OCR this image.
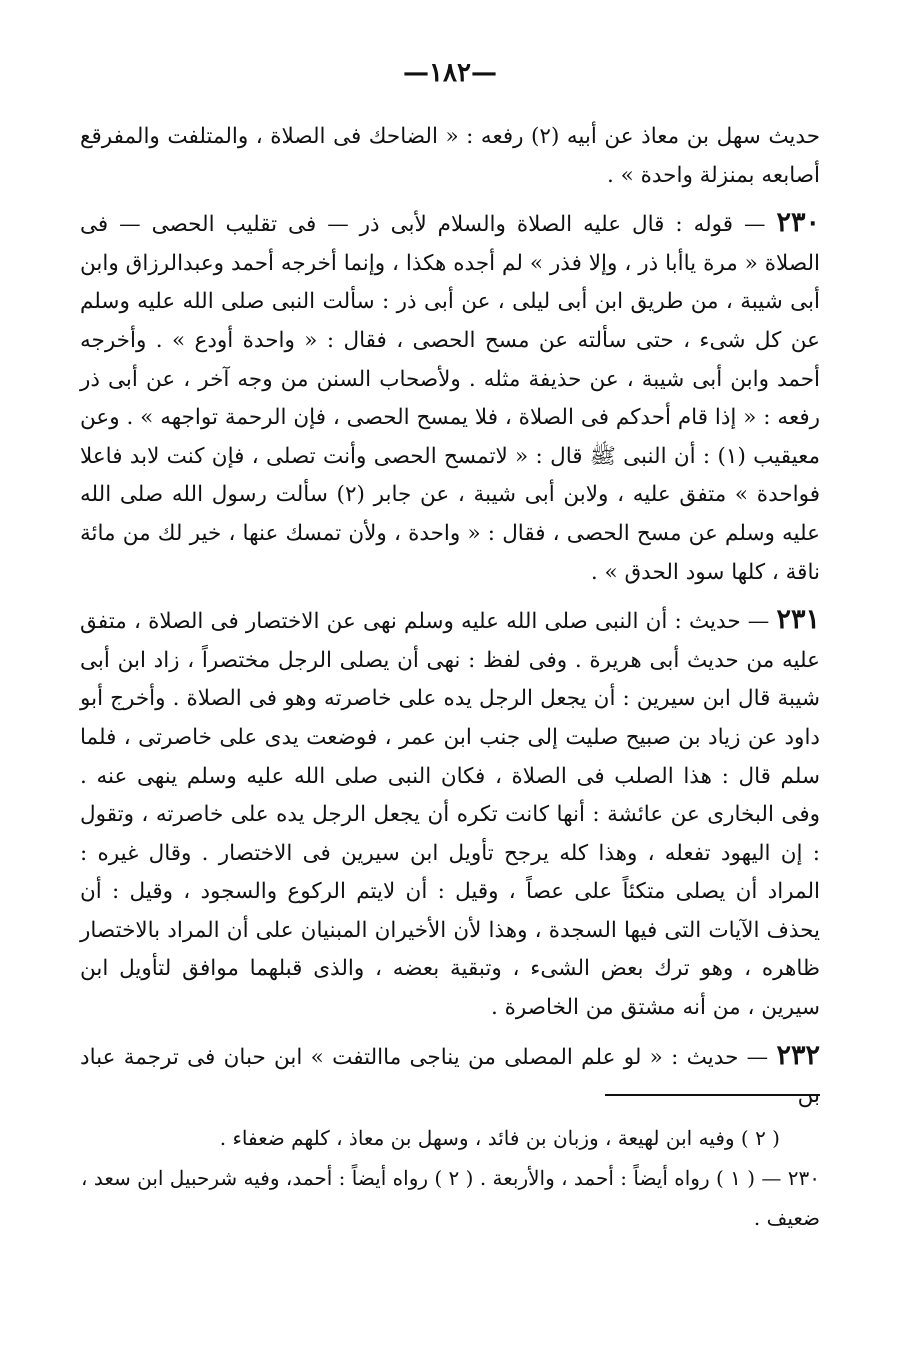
—١٨٢—

حديث سهل بن معاذ عن أبيه (٢) رفعه : « الضاحك فى الصلاة ، والمتلفت والمفرقع أصابعه بمنزلة واحدة » .

٢٣٠ — قوله : قال عليه الصلاة والسلام لأبى ذر — فى تقليب الحصى — فى الصلاة « مرة ياأبا ذر ، وإلا فذر » لم أجده هكذا ، وإنما أخرجه أحمد وعبدالرزاق وابن أبى شيبة ، من طريق ابن أبى ليلى ، عن أبى ذر : سألت النبى صلى الله عليه وسلم عن كل شىء ، حتى سألته عن مسح الحصى ، فقال : « واحدة أودع » . وأخرجه أحمد وابن أبى شيبة ، عن حذيفة مثله . ولأصحاب السنن من وجه آخر ، عن أبى ذر رفعه : « إذا قام أحدكم فى الصلاة ، فلا يمسح الحصى ، فإن الرحمة تواجهه » . وعن معيقيب (١) : أن النبى ﷺ قال : « لاتمسح الحصى وأنت تصلى ، فإن كنت لابد فاعلا فواحدة » متفق عليه ، ولابن أبى شيبة ، عن جابر (٢) سألت رسول الله صلى الله عليه وسلم عن مسح الحصى ، فقال : « واحدة ، ولأن تمسك عنها ، خير لك من مائة ناقة ، كلها سود الحدق » .

٢٣١ — حديث : أن النبى صلى الله عليه وسلم نهى عن الاختصار فى الصلاة ، متفق عليه من حديث أبى هريرة . وفى لفظ : نهى أن يصلى الرجل مختصراً ، زاد ابن أبى شيبة قال ابن سيرين : أن يجعل الرجل يده على خاصرته وهو فى الصلاة . وأخرج أبو داود عن زياد بن صبيح صليت إلى جنب ابن عمر ، فوضعت يدى على خاصرتى ، فلما سلم قال : هذا الصلب فى الصلاة ، فكان النبى صلى الله عليه وسلم ينهى عنه . وفى البخارى عن عائشة : أنها كانت تكره أن يجعل الرجل يده على خاصرته ، وتقول : إن اليهود تفعله ، وهذا كله يرجح تأويل ابن سيرين فى الاختصار . وقال غيره : المراد أن يصلى متكئاً على عصاً ، وقيل : أن لايتم الركوع والسجود ، وقيل : أن يحذف الآيات التى فيها السجدة ، وهذا لأن الأخيران المبنيان على أن المراد بالاختصار ظاهره ، وهو ترك بعض الشىء ، وتبقية بعضه ، والذى قبلهما موافق لتأويل ابن سيرين ، من أنه مشتق من الخاصرة .

٢٣٢ — حديث : « لو علم المصلى من يناجى ماالتفت » ابن حبان فى ترجمة عباد بن

( ٢ ) وفيه ابن لهيعة ، وزبان بن فائد ، وسهل بن معاذ ، كلهم ضعفاء .

٢٣٠ — ( ١ ) رواه أيضاً : أحمد ، والأربعة . ( ٢ ) رواه أيضاً : أحمد، وفيه شرحبيل ابن سعد ، ضعيف .
